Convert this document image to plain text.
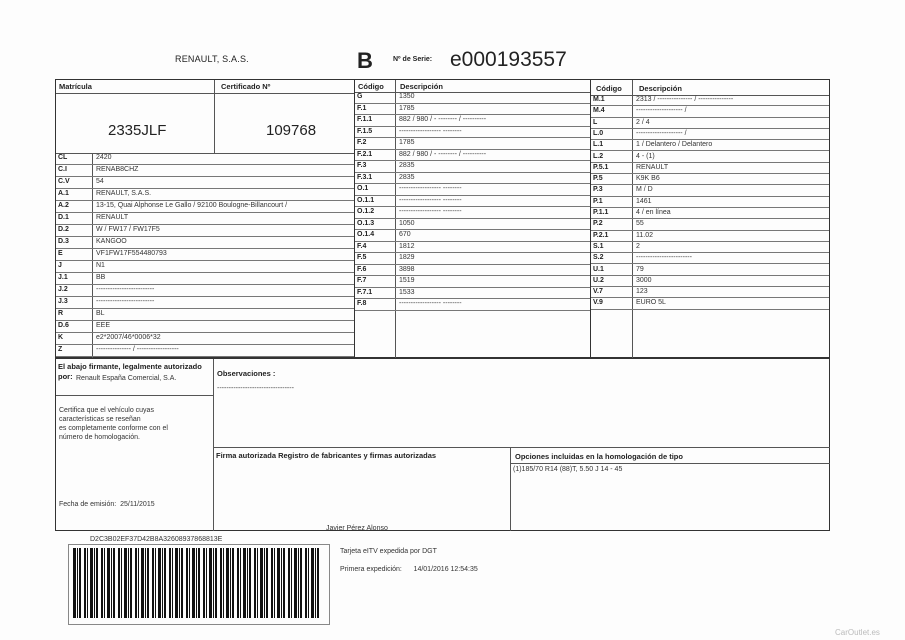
RENAULT, S.A.S.	B	Nº de Serie: e000193557
Matrícula	Certificado Nº
2335JLF	109768
CL	2420
C.I	RENAB8CHZ
C.V	54
A.1	RENAULT, S.A.S.
A.2	13-15, Quai Alphonse Le Gallo / 92100 Boulogne-Billancourt /
D.1	RENAULT
D.2	W / FW17 / FW17F5
D.3	KANGOO
E	VF1FW17F554480793
J	N1
J.1	BB
J.2	-------------------------
J.3	-------------------------
R	BL
D.6	EEE
K	e2*2007/46*0006*32
Z	--------------- / ------------------
Código	Descripción
G	1350
F.1	1785
F.1.1	882 / 980 / - -------- / ----------
F.1.5	------------------ --------
F.2	1785
F.2.1	882 / 980 / - -------- / ----------
F.3	2835
F.3.1	2835
O.1	------------------ --------
O.1.1	------------------ --------
O.1.2	------------------ --------
O.1.3	1050
O.1.4	670
F.4	1812
F.5	1829
F.6	3898
F.7	1519
F.7.1	1533
F.8	------------------ --------
Código	Descripción
M.1	2313 / --------------- / ---------------
M.4	-------------------- /
L	2 / 4
L.0	-------------------- /
L.1	1 / Delantero / Delantero
L.2	4 - (1)
P.5.1	RENAULT
P.5	K9K B6
P.3	M / D
P.1	1461
P.1.1	4 / en línea
P.2	55
P.2.1	11.02
S.1	2
S.2	------------------------
U.1	79
U.2	3000
V.7	123
V.9	EURO 5L
El abajo firmante, legalmente autorizado
por: Renault España Comercial, S.A.
Certifica que el vehículo cuyas
características se reseñan
es completamente conforme con el
número de homologación.
Fecha de emisión: 25/11/2015
Observaciones :
---------------------------------
Firma autorizada Registro de fabricantes y firmas autorizadas	Opciones incluidas en la homologación de tipo
(1)185/70 R14 (88)T, 5.50 J 14 - 45
Javier Pérez Alonso
D2C3B02EF37D42B8A32608937868813E
Tarjeta eITV expedida por DGT
Primera expedición: 14/01/2016 12:54:35
CarOutlet.es
